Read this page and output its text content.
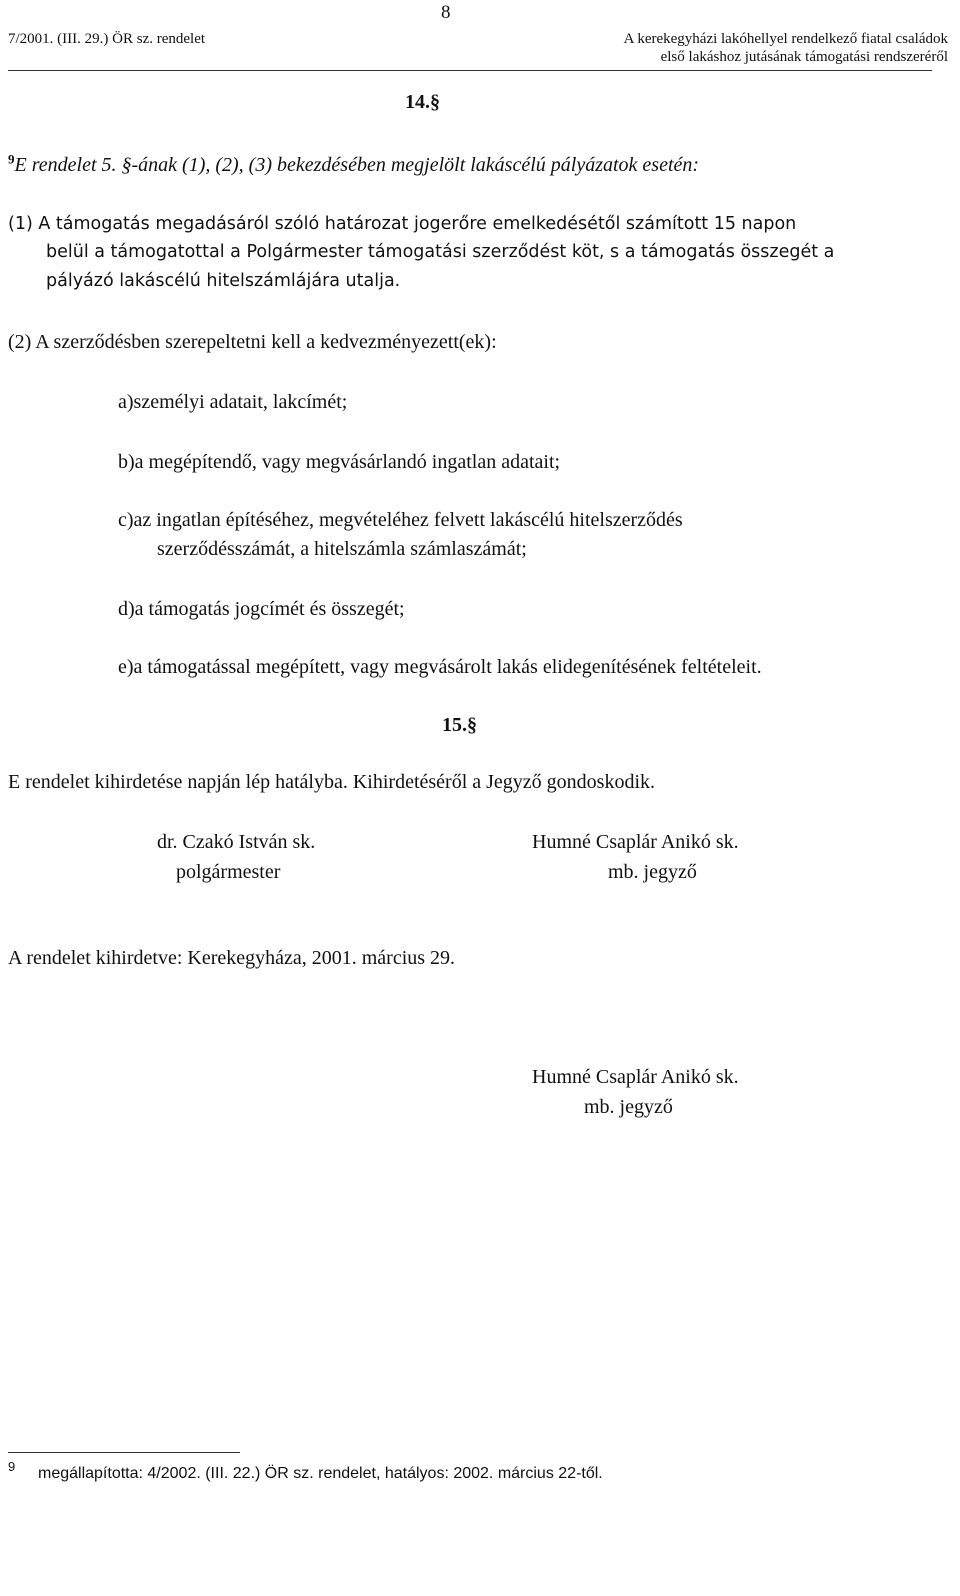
7/2001. (III. 29.) ÖR sz. rendelet
8
A kerekegyházi lakóhellyel rendelkező fiatal családok
első lakáshoz jutásának támogatási rendszeréről
14.§
$^9$E rendelet 5. §-ának (1), (2), (3) bekezdésében megjelölt lakáscélú pályázatok esetén:
(1) A támogatás megadásáról szóló határozat jogerőre emelkedésétől számított 15 napon
belül a támogatottal a Polgármester támogatási szerződést köt, s a támogatás összegét a
pályázó lakáscélú hitelszámlájára utalja.
(2) A szerződésben szerepeltetni kell a kedvezményezett(ek):
a)személyi adatait, lakcímét;
b)a megépítendő, vagy megvásárlandó ingatlan adatait;
c)az ingatlan építéséhez, megvételéhez felvett lakáscélú hitelszerződés
szerződésszámát, a hitelszámla számlaszámát;
d)a támogatás jogcímét és összegét;
e)a támogatással megépített, vagy megvásárolt lakás elidegenítésének feltételeit.
15.§
E rendelet kihirdetése napján lép hatályba. Kihirdetéséről a Jegyző gondoskodik.
dr. Czakó István sk.
polgármester
Humné Csaplár Anikó sk.
mb. jegyző
A rendelet kihirdetve: Kerekegyháza, 2001. március 29.
Humné Csaplár Anikó sk.
mb. jegyző
9 megállapította: 4/2002. (III. 22.) ÖR sz. rendelet, hatályos: 2002. március 22-től.
